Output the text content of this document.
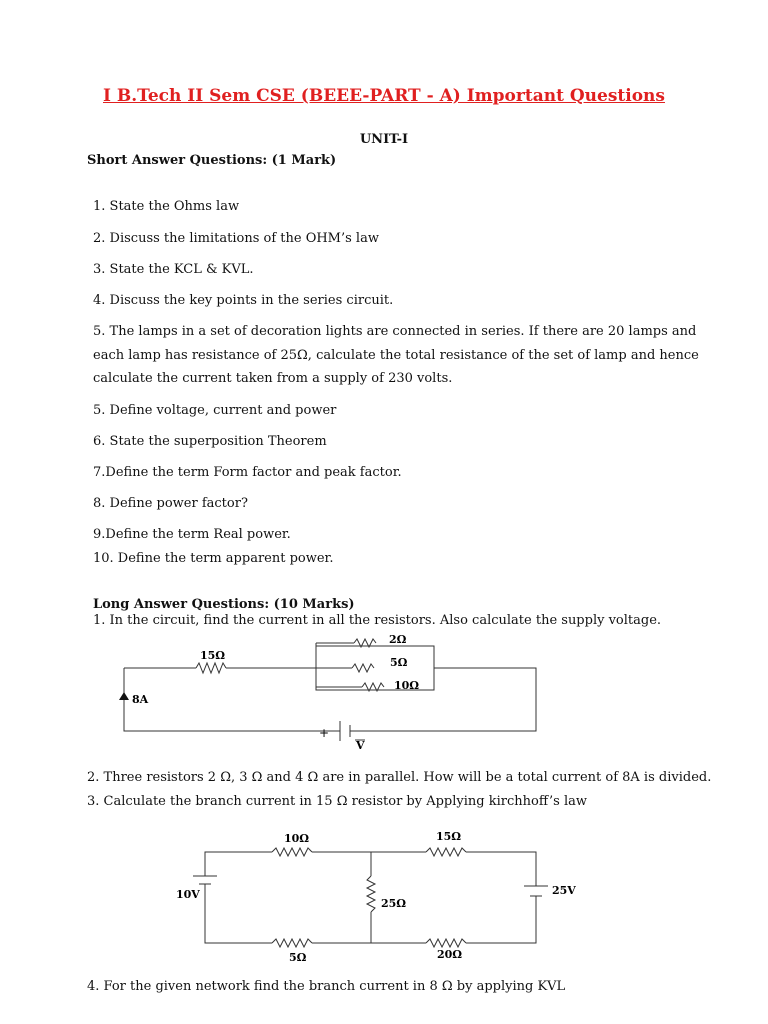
I B.Tech II Sem CSE (BEEE-PART - A) Important Questions
UNIT-I
Short Answer Questions: (1 Mark)
1. State the Ohms law
2. Discuss the limitations of the OHM’s law
3. State the KCL & KVL.
4. Discuss the key points in the series circuit.
5. The lamps in a set of decoration lights are connected in series. If there are 20 lamps and
each lamp has resistance of 25Ω, calculate the total resistance of the set of lamp and hence
calculate the current taken from a supply of 230 volts.
5. Define voltage, current and power
6. State the superposition Theorem
7.Define the term Form factor and peak factor.
8. Define power factor?
9.Define the term Real power.
10. Define the term apparent power.
Long Answer Questions: (10 Marks)
1. In the circuit, find the current in all the resistors. Also calculate the supply voltage.
15Ω
2Ω
5Ω
10Ω
8A
+
V
2. Three resistors 2 Ω, 3 Ω and 4 Ω are in parallel. How will be a total current of 8A is divided.
3. Calculate the branch current in 15 Ω resistor by Applying kirchhoff’s law
10Ω	15Ω
25Ω
5Ω	20Ω
10V	25V
4. For the given network find the branch current in 8 Ω by applying KVL
